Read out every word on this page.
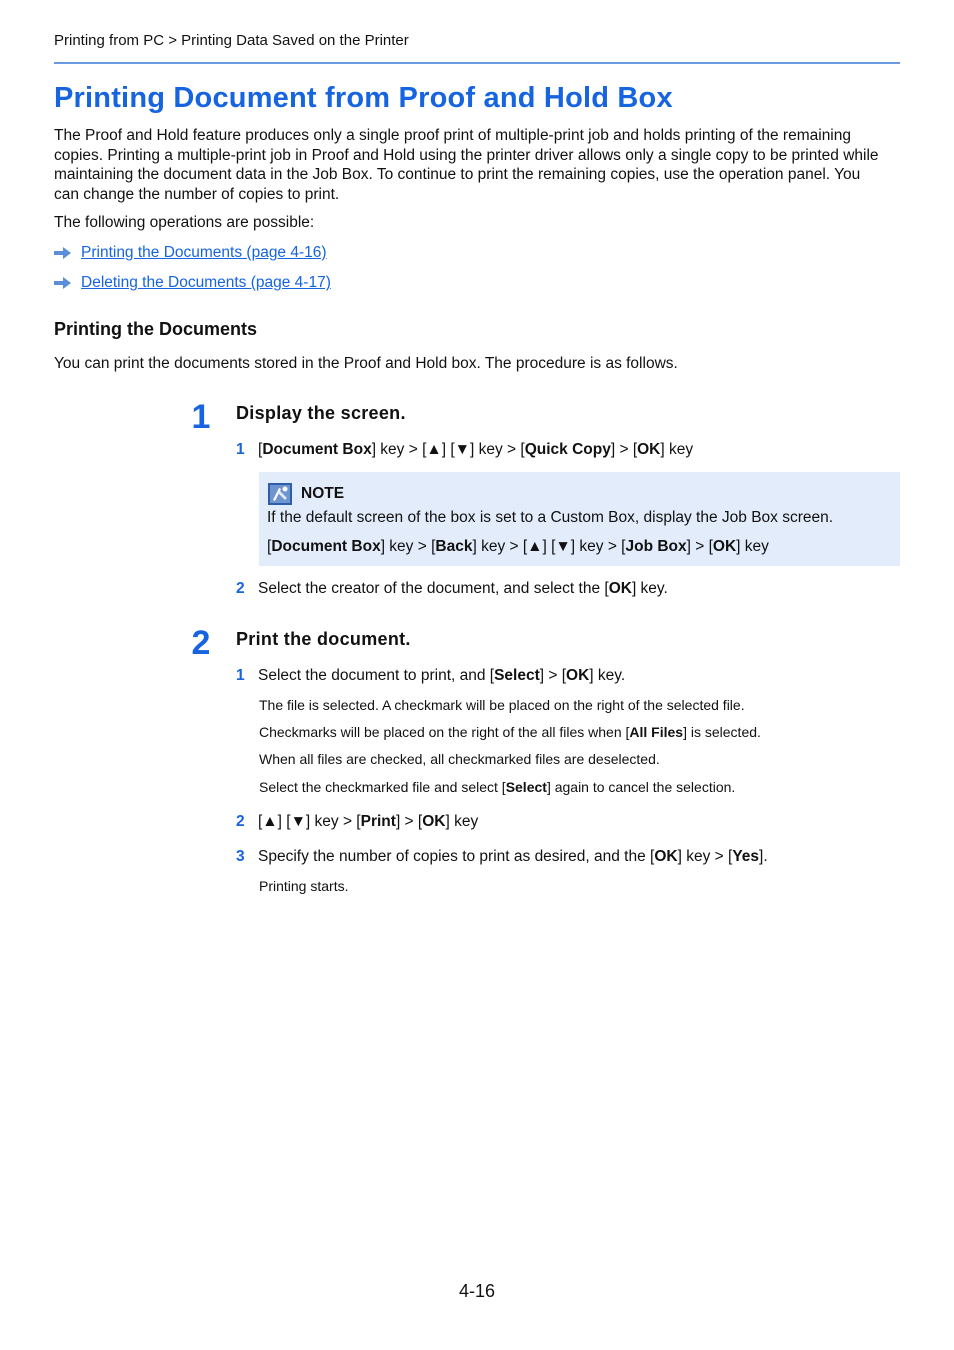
Printing from PC > Printing Data Saved on the Printer
Printing Document from Proof and Hold Box
The Proof and Hold feature produces only a single proof print of multiple-print job and holds printing of the remaining
copies. Printing a multiple-print job in Proof and Hold using the printer driver allows only a single copy to be printed while
maintaining the document data in the Job Box. To continue to print the remaining copies, use the operation panel. You
can change the number of copies to print.
The following operations are possible:
Printing the Documents (page 4-16)
Deleting the Documents (page 4-17)
Printing the Documents
You can print the documents stored in the Proof and Hold box. The procedure is as follows.
1	Display the screen.
1 [Document Box] key > [▲] [▼] key > [Quick Copy] > [OK] key
NOTE
If the default screen of the box is set to a Custom Box, display the Job Box screen.
[Document Box] key > [Back] key > [▲] [▼] key > [Job Box] > [OK] key
2 Select the creator of the document, and select the [OK] key.
2	Print the document.
1 Select the document to print, and [Select] > [OK] key.
The file is selected. A checkmark will be placed on the right of the selected file.
Checkmarks will be placed on the right of the all files when [All Files] is selected.
When all files are checked, all checkmarked files are deselected.
Select the checkmarked file and select [Select] again to cancel the selection.
2 [▲] [▼] key > [Print] > [OK] key
3 Specify the number of copies to print as desired, and the [OK] key > [Yes].
Printing starts.
4-16
